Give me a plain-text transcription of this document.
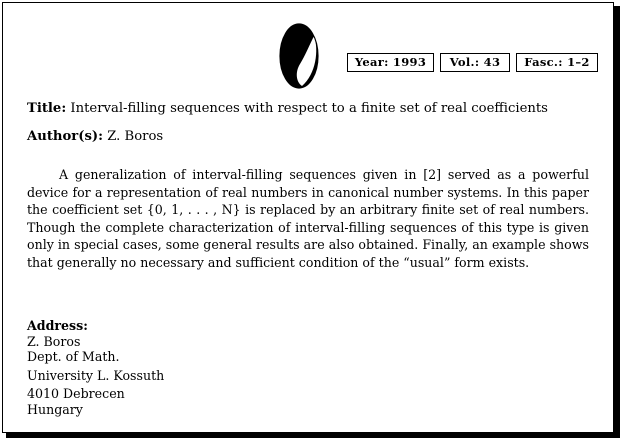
Year: 1993	Vol.: 43	Fasc.: 1–2
Title: Interval-filling sequences with respect to a finite set of real coefficients
Author(s): Z. Boros

A generalization of interval-filling sequences given in [2] served as a powerful device for a representation of real numbers in canonical number systems. In this paper the coefficient set {0, 1, . . . , N} is replaced by an arbitrary finite set of real numbers. Though the complete characterization of interval-filling sequences of this type is given only in special cases, some general results are also obtained. Finally, an example shows that generally no necessary and sufficient condition of the “usual” form exists.

Address:
Z. Boros
Dept. of Math.
University L. Kossuth
4010 Debrecen
Hungary
